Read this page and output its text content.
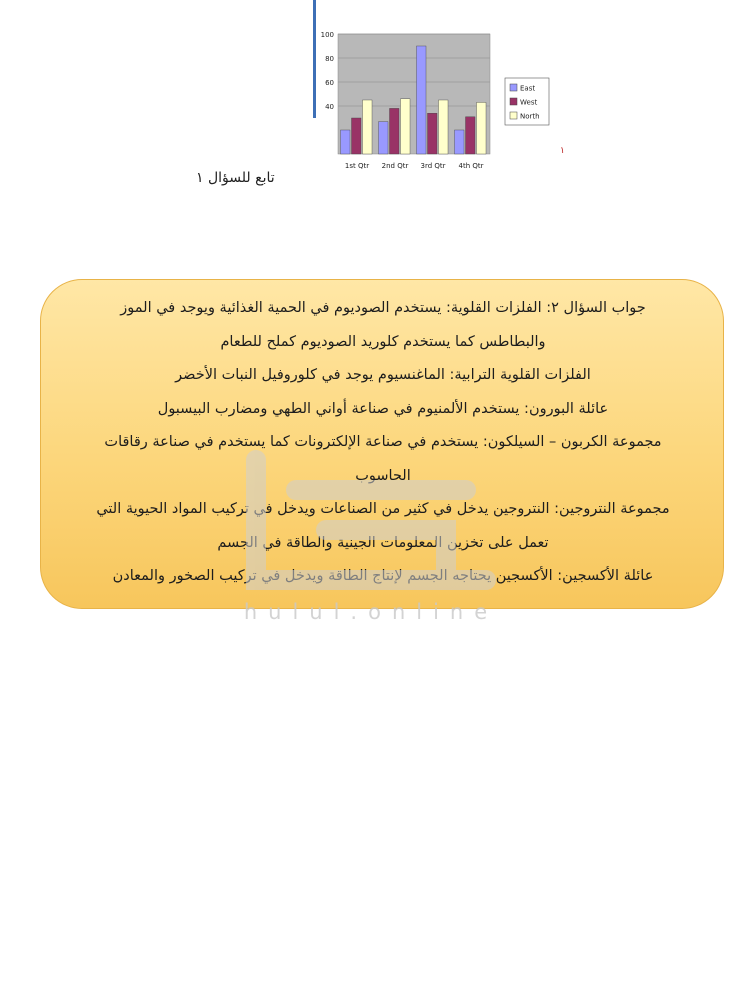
40
60
80
100
1st Qtr 2nd Qtr 3rd Qtr 4th Qtr
East
West
North
١
تابع للسؤال ١
جواب السؤال ٢: الفلزات القلوية: يستخدم الصوديوم في الحمية الغذائية ويوجد في الموز
والبطاطس كما يستخدم كلوريد الصوديوم كملح للطعام
الفلزات القلوية الترابية: الماغنسيوم يوجد في كلوروفيل النبات الأخضر
عائلة البورون: يستخدم الألمنيوم في صناعة أواني الطهي ومضارب البيسبول
مجموعة الكربون – السيلكون: يستخدم في صناعة الإلكترونات كما يستخدم في صناعة رقاقات
الحاسوب
مجموعة النتروجين: النتروجين يدخل في كثير من الصناعات ويدخل في تركيب المواد الحيوية التي
تعمل على تخزين المعلومات الجينية والطاقة في الجسم
عائلة الأكسجين: الأكسجين يحتاجه الجسم لإنتاج الطاقة ويدخل في تركيب الصخور والمعادن
hulul.online
